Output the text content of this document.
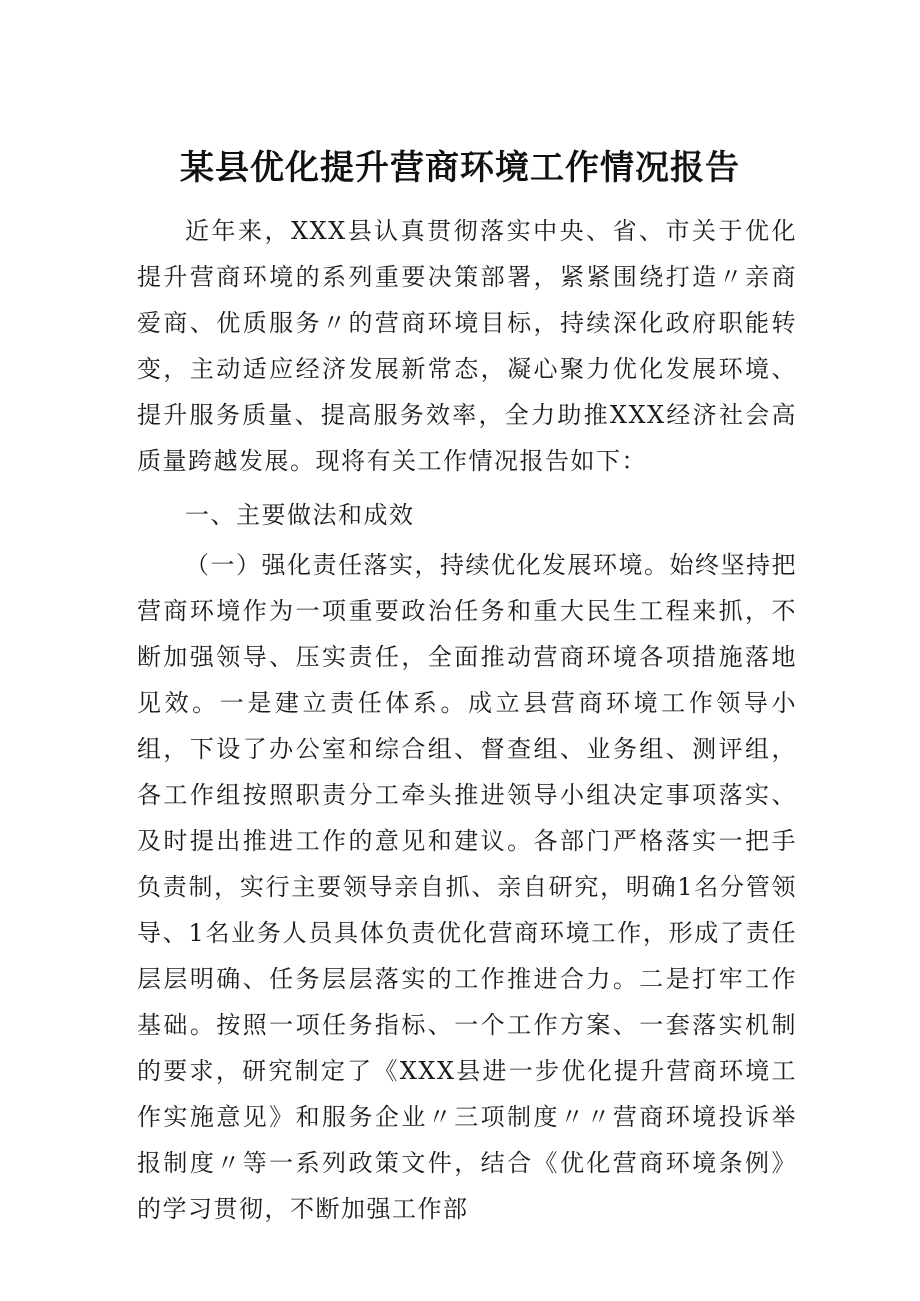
某县优化提升营商环境工作情况报告

近年来，XXX县认真贯彻落实中央、省、市关于优化提升营商环境的系列重要决策部署，紧紧围绕打造〃亲商爱商、优质服务〃的营商环境目标，持续深化政府职能转变，主动适应经济发展新常态，凝心聚力优化发展环境、提升服务质量、提高服务效率，全力助推XXX经济社会高质量跨越发展。现将有关工作情况报告如下：

一、主要做法和成效

（一）强化责任落实，持续优化发展环境。始终坚持把营商环境作为一项重要政治任务和重大民生工程来抓，不断加强领导、压实责任，全面推动营商环境各项措施落地见效。一是建立责任体系。成立县营商环境工作领导小组，下设了办公室和综合组、督查组、业务组、测评组，各工作组按照职责分工牵头推进领导小组决定事项落实、及时提出推进工作的意见和建议。各部门严格落实一把手负责制，实行主要领导亲自抓、亲自研究，明确1名分管领导、1名业务人员具体负责优化营商环境工作，形成了责任层层明确、任务层层落实的工作推进合力。二是打牢工作基础。按照一项任务指标、一个工作方案、一套落实机制的要求，研究制定了《XXX县进一步优化提升营商环境工作实施意见》和服务企业〃三项制度〃〃营商环境投诉举报制度〃等一系列政策文件，结合《优化营商环境条例》的学习贯彻，不断加强工作部
